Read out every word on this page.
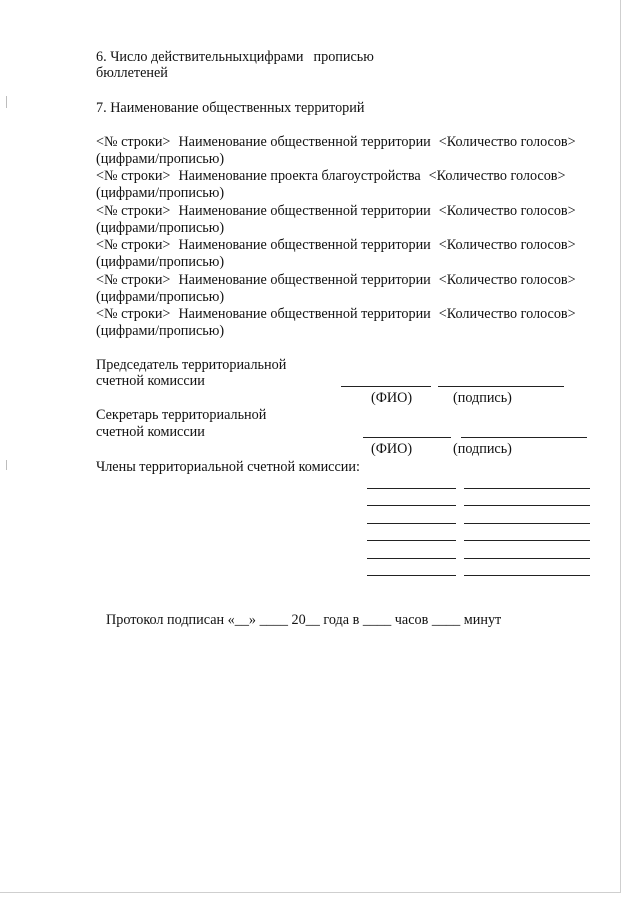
6. Число действительныхцифрами прописью
бюллетеней
7. Наименование общественных территорий
<№ строки> Наименование общественной территории <Количество голосов>
(цифрами/прописью)
<№ строки> Наименование проекта благоустройства <Количество голосов>
(цифрами/прописью)
<№ строки> Наименование общественной территории <Количество голосов>
(цифрами/прописью)
<№ строки> Наименование общественной территории <Количество голосов>
(цифрами/прописью)
<№ строки> Наименование общественной территории <Количество голосов>
(цифрами/прописью)
<№ строки> Наименование общественной территории <Количество голосов>
(цифрами/прописью)
Председатель территориальной
счетной комиссии
(ФИО)	(подпись)
Секретарь территориальной
счетной комиссии
(ФИО)	(подпись)
Члены территориальной счетной комиссии:
Протокол подписан «__» ____ 20__ года в ____ часов ____ минут
